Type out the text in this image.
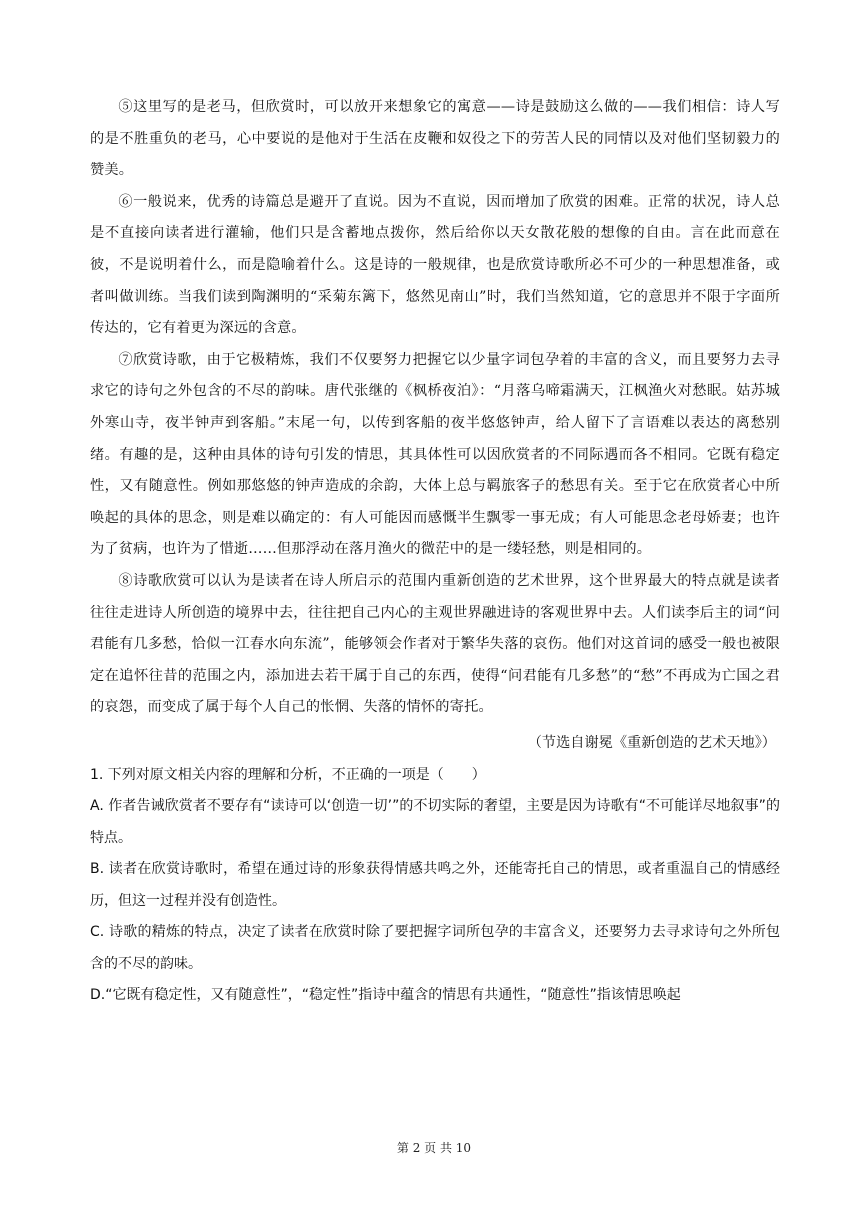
⑤这里写的是老马，但欣赏时，可以放开来想象它的寓意——诗是鼓励这么做的——我们相信：诗人写的是不胜重负的老马，心中要说的是他对于生活在皮鞭和奴役之下的劳苦人民的同情以及对他们坚韧毅力的赞美。

⑥一般说来，优秀的诗篇总是避开了直说。因为不直说，因而增加了欣赏的困难。正常的状况，诗人总是不直接向读者进行灌输，他们只是含蓄地点拨你，然后给你以天女散花般的想像的自由。言在此而意在彼，不是说明着什么，而是隐喻着什么。这是诗的一般规律，也是欣赏诗歌所必不可少的一种思想准备，或者叫做训练。当我们读到陶渊明的“采菊东篱下，悠然见南山”时，我们当然知道，它的意思并不限于字面所传达的，它有着更为深远的含意。

⑦欣赏诗歌，由于它极精炼，我们不仅要努力把握它以少量字词包孕着的丰富的含义，而且要努力去寻求它的诗句之外包含的不尽的韵味。唐代张继的《枫桥夜泊》：“月落乌啼霜满天，江枫渔火对愁眠。姑苏城外寒山寺，夜半钟声到客船。”末尾一句，以传到客船的夜半悠悠钟声，给人留下了言语难以表达的离愁别绪。有趣的是，这种由具体的诗句引发的情思，其具体性可以因欣赏者的不同际遇而各不相同。它既有稳定性，又有随意性。例如那悠悠的钟声造成的余韵，大体上总与羁旅客子的愁思有关。至于它在欣赏者心中所唤起的具体的思念，则是难以确定的：有人可能因而感慨半生飘零一事无成；有人可能思念老母娇妻；也许为了贫病，也许为了惜逝……但那浮动在落月渔火的微茫中的是一缕轻愁，则是相同的。

⑧诗歌欣赏可以认为是读者在诗人所启示的范围内重新创造的艺术世界，这个世界最大的特点就是读者往往走进诗人所创造的境界中去，往往把自己内心的主观世界融进诗的客观世界中去。人们读李后主的词“问君能有几多愁，恰似一江春水向东流”，能够领会作者对于繁华失落的哀伤。他们对这首词的感受一般也被限定在追怀往昔的范围之内，添加进去若干属于自己的东西，使得“问君能有几多愁”的“愁”不再成为亡国之君的哀怨，而变成了属于每个人自己的怅惘、失落的情怀的寄托。

（节选自谢冕《重新创造的艺术天地》）

1. 下列对原文相关内容的理解和分析，不正确的一项是（　　）

A. 作者告诫欣赏者不要存有“读诗可以‘创造一切’”的不切实际的奢望，主要是因为诗歌有“不可能详尽地叙事”的特点。

B. 读者在欣赏诗歌时，希望在通过诗的形象获得情感共鸣之外，还能寄托自己的情思，或者重温自己的情感经历，但这一过程并没有创造性。

C. 诗歌的精炼的特点，决定了读者在欣赏时除了要把握字词所包孕的丰富含义，还要努力去寻求诗句之外所包含的不尽的韵味。

D.“它既有稳定性，又有随意性”，“稳定性”指诗中蕴含的情思有共通性，“随意性”指该情思唤起

第 2 页 共 10
